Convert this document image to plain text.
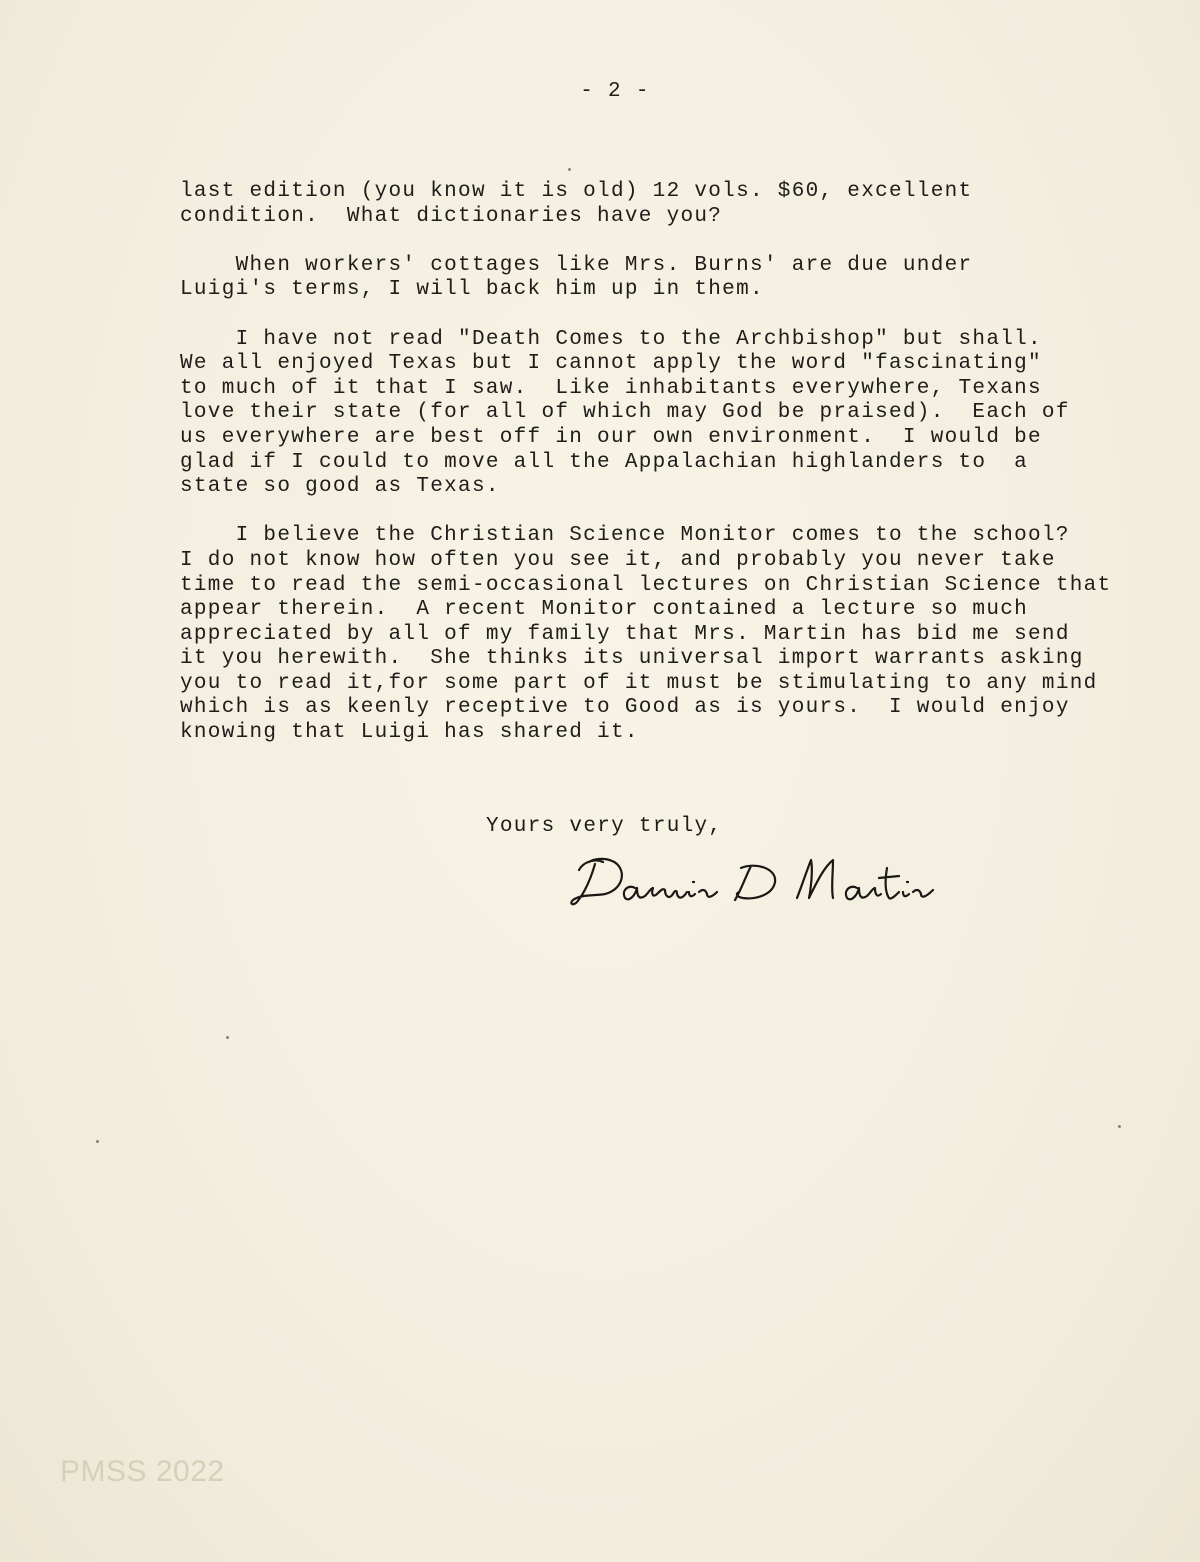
- 2 -
last edition (you know it is old) 12 vols. $60, excellent
condition.  What dictionaries have you?
When workers' cottages like Mrs. Burns' are due under
Luigi's terms, I will back him up in them.
I have not read "Death Comes to the Archbishop" but shall.
We all enjoyed Texas but I cannot apply the word "fascinating"
to much of it that I saw.  Like inhabitants everywhere, Texans
love their state (for all of which may God be praised).  Each of
us everywhere are best off in our own environment.  I would be
glad if I could to move all the Appalachian highlanders to  a
state so good as Texas.
I believe the Christian Science Monitor comes to the school?
I do not know how often you see it, and probably you never take
time to read the semi-occasional lectures on Christian Science that
appear therein.  A recent Monitor contained a lecture so much
appreciated by all of my family that Mrs. Martin has bid me send
it you herewith.  She thinks its universal import warrants asking
you to read it,for some part of it must be stimulating to any mind
which is as keenly receptive to Good as is yours.  I would enjoy
knowing that Luigi has shared it.
Yours very truly,
PMSS 2022
